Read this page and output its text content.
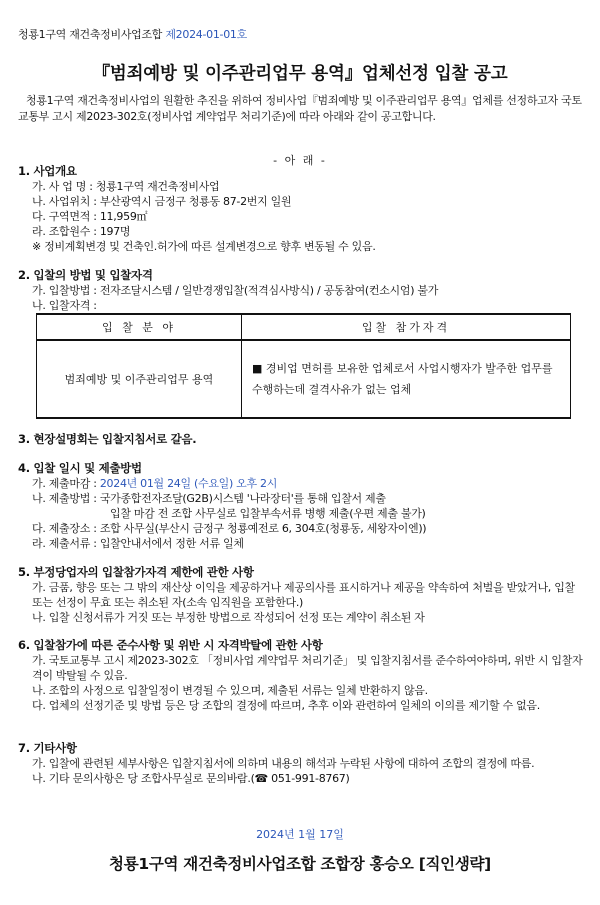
청룡1구역 재건축정비사업조합 제2024-01-01호
『범죄예방 및 이주관리업무 용역』업체선정 입찰 공고
청룡1구역 재건축정비사업의 원활한 추진을 위하여 정비사업『범죄예방 및 이주관리업무 용역』업체를 선정하고자 국토교통부 고시 제2023-302호(정비사업 계약업무 처리기준)에 따라 아래와 같이 공고합니다.
- 아 래 -
1. 사업개요
가. 사 업 명 : 청룡1구역 재건축정비사업
나. 사업위치 : 부산광역시 금정구 청룡동 87-2번지 일원
다. 구역면적 : 11,959㎡
라. 조합원수 : 197명
※ 정비계획변경 및 건축인.허가에 따른 설계변경으로 향후 변동될 수 있음.
2. 입찰의 방법 및 입찰자격
가. 입찰방법 : 전자조달시스템 / 일반경쟁입찰(적격심사방식) / 공동참여(컨소시엄) 불가
나. 입찰자격 :
입 찰 분 야	입찰 참가자격
범죄예방 및 이주관리업무 용역	■ 경비업 면허를 보유한 업체로서 사업시행자가 발주한 업무를 수행하는데 결격사유가 없는 업체
3. 현장설명회는 입찰지침서로 갈음.
4. 입찰 일시 및 제출방법
가. 제출마감 : 2024년 01월 24일 (수요일) 오후 2시
나. 제출방법 : 국가종합전자조달(G2B)시스템 '나라장터'를 통해 입찰서 제출
입찰 마감 전 조합 사무실로 입찰부속서류 병행 제출(우편 제출 불가)
다. 제출장소 : 조합 사무실(부산시 금정구 청룡예전로 6, 304호(청룡동, 세왕자이엔))
라. 제출서류 : 입찰안내서에서 정한 서류 일체
5. 부정당업자의 입찰참가자격 제한에 관한 사항
가. 금품, 향응 또는 그 밖의 재산상 이익을 제공하거나 제공의사를 표시하거나 제공을 약속하여 처벌을 받았거나, 입찰 또는 선정이 무효 또는 취소된 자(소속 임직원을 포함한다.)
나. 입찰 신청서류가 거짓 또는 부정한 방법으로 작성되어 선정 또는 계약이 취소된 자
6. 입찰참가에 따른 준수사항 및 위반 시 자격박탈에 관한 사항
가. 국토교통부 고시 제2023-302호 「정비사업 계약업무 처리기준」 및 입찰지침서를 준수하여야하며, 위반 시 입찰자격이 박탈될 수 있음.
나. 조합의 사정으로 입찰일정이 변경될 수 있으며, 제출된 서류는 일체 반환하지 않음.
다. 업체의 선정기준 및 방법 등은 당 조합의 결정에 따르며, 추후 이와 관련하여 일체의 이의를 제기할 수 없음.
7. 기타사항
가. 입찰에 관련된 세부사항은 입찰지침서에 의하며 내용의 해석과 누락된 사항에 대하여 조합의 결정에 따름.
나. 기타 문의사항은 당 조합사무실로 문의바람.(☎ 051-991-8767)
2024년 1월 17일
청룡1구역 재건축정비사업조합 조합장 홍승오 [직인생략]
